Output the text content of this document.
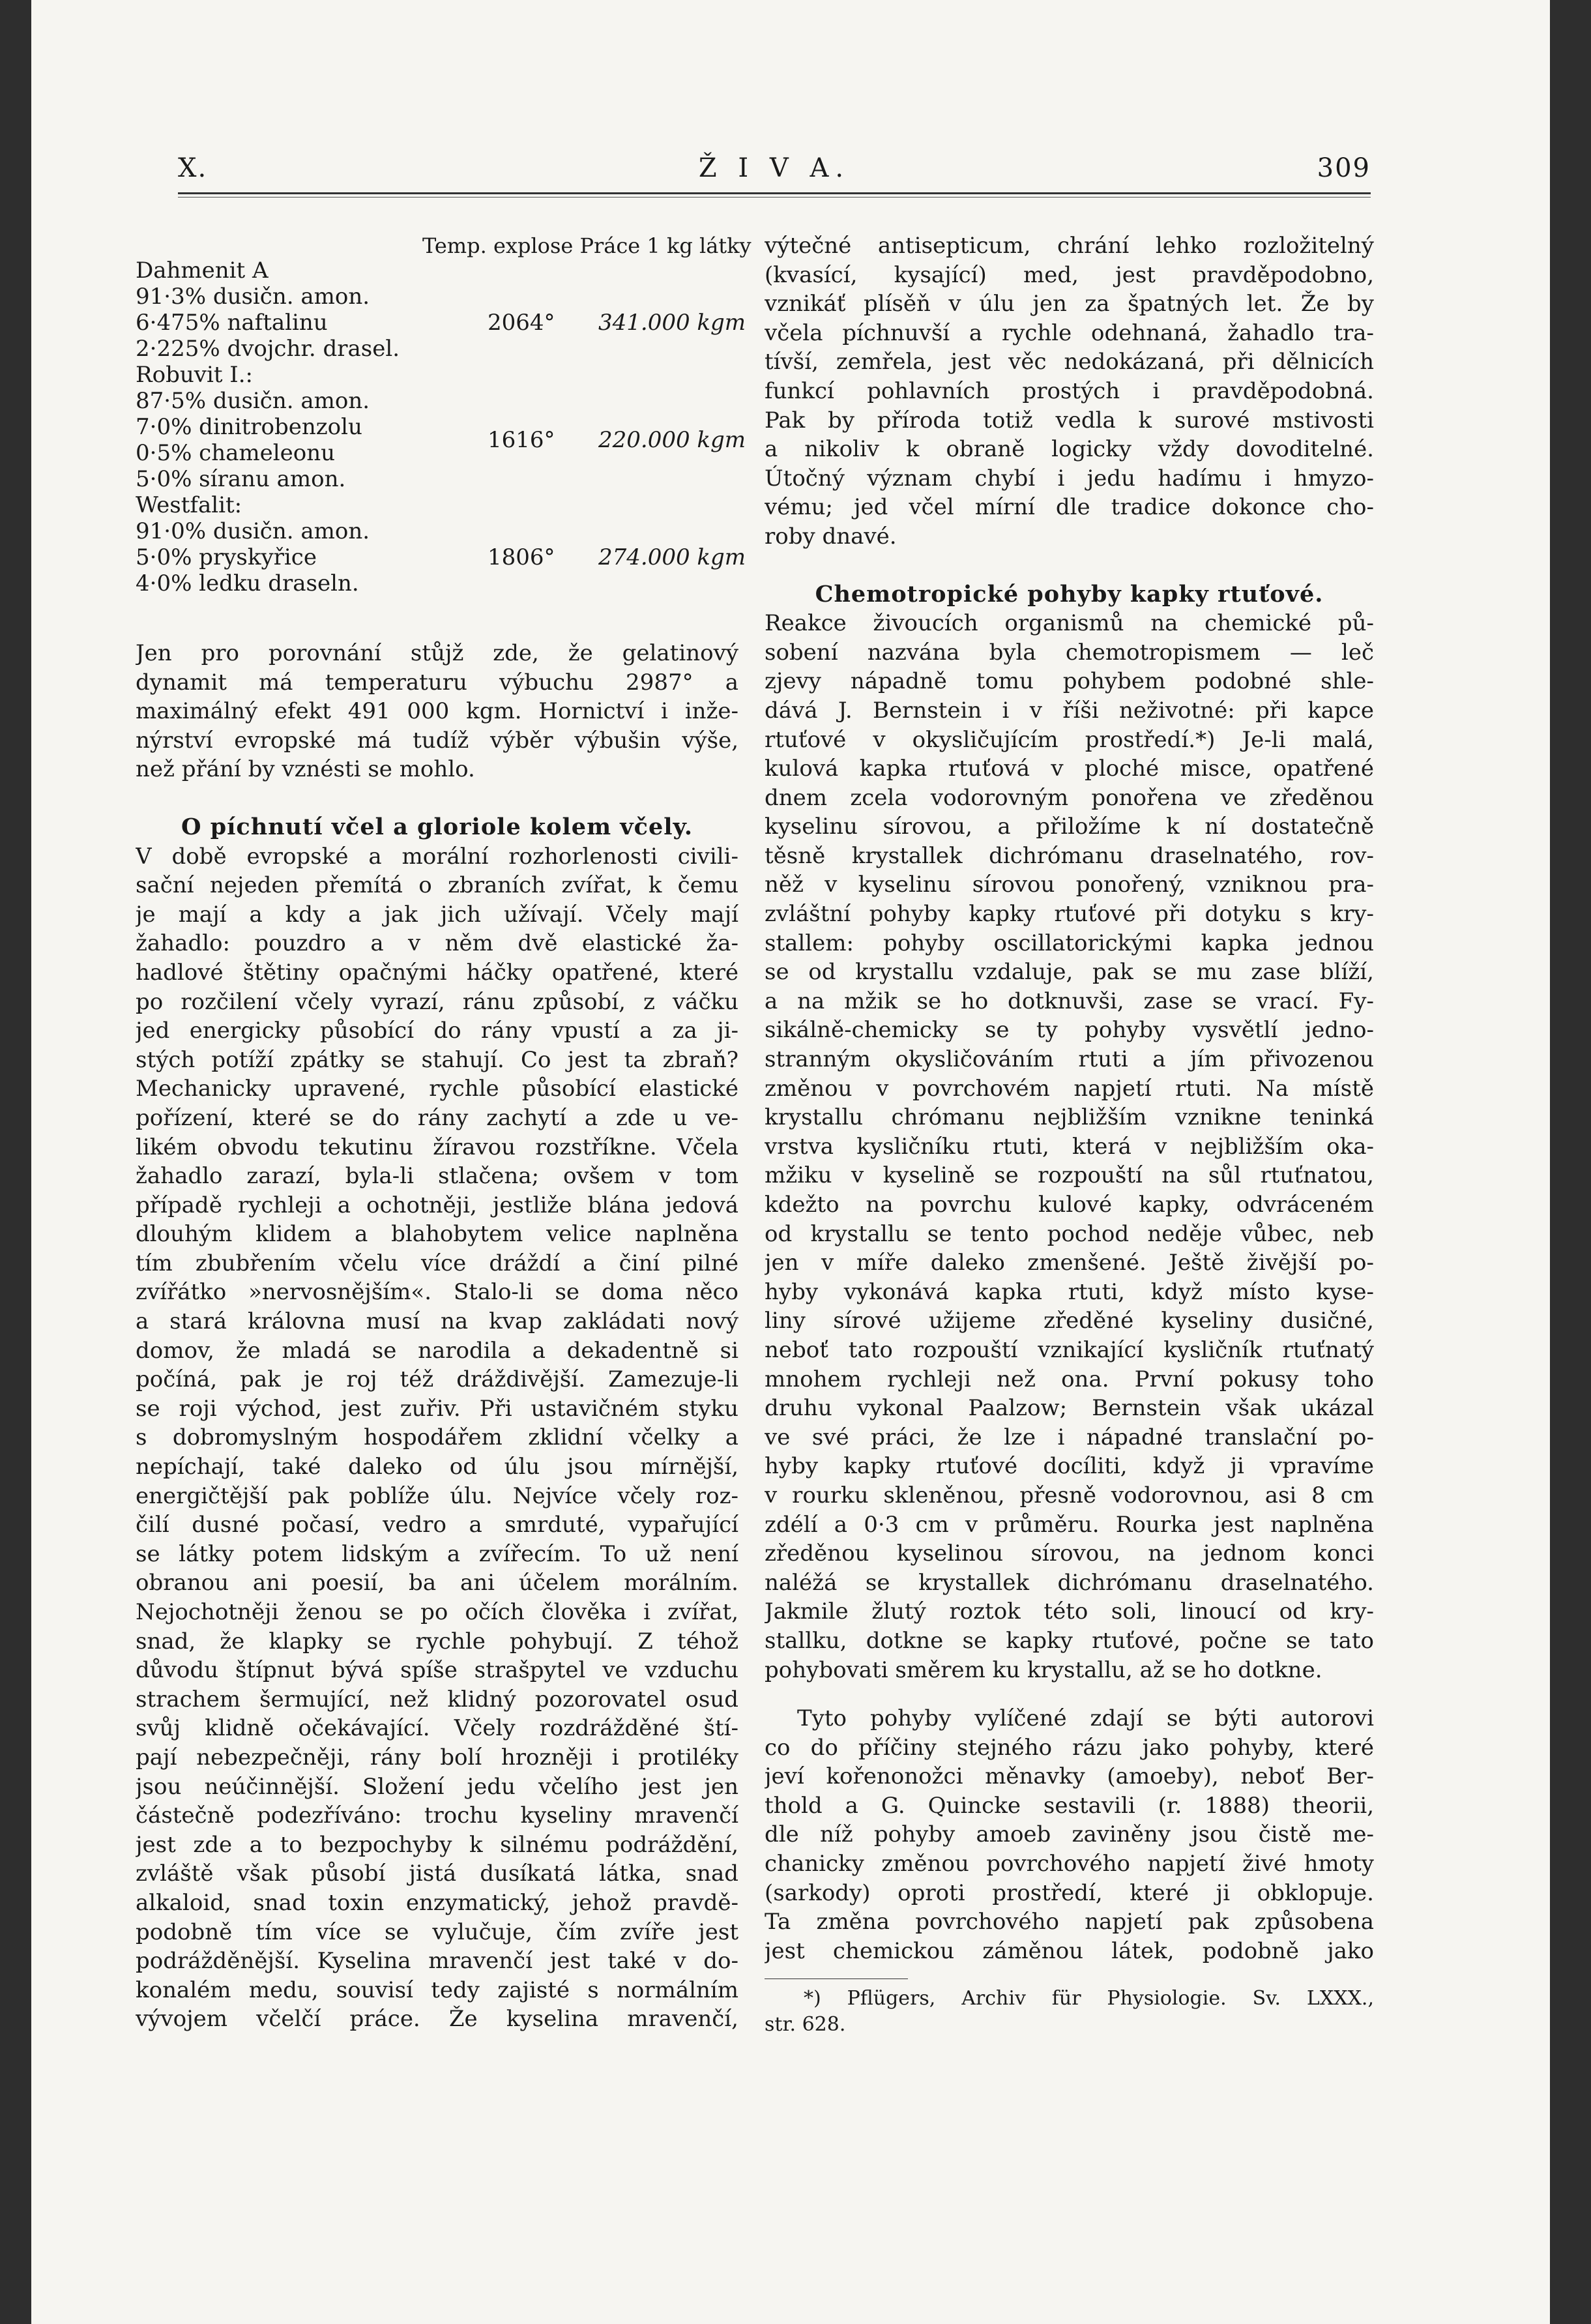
X.	Ž I V A.	309
Temp. explose Práce 1 kg látky
Dahmenit A
91·3% dusičn. amon.
6·475% naftalinu
2·225% dvojchr. drasel.
2064° 341.000 kgm
Robuvit I.:
87·5% dusičn. amon.
7·0% dinitrobenzolu
0·5% chameleonu
5·0% síranu amon.
1616° 220.000 kgm
Westfalit:
91·0% dusičn. amon.
5·0% pryskyřice
4·0% ledku draseln.
1806° 274.000 kgm
Jen pro porovnání stůjž zde, že gelatinový
dynamit má temperaturu výbuchu 2987° a
maximálný efekt 491 000 kgm. Hornictví i inže-
nýrství evropské má tudíž výběr výbušin výše,
než přání by vznésti se mohlo.
O píchnutí včel a gloriole kolem včely.
V době evropské a morální rozhorlenosti civili-
sační nejeden přemítá o zbraních zvířat, k čemu
je mají a kdy a jak jich užívají. Včely mají
žahadlo: pouzdro a v něm dvě elastické ža-
hadlové štětiny opačnými háčky opatřené, které
po rozčilení včely vyrazí, ránu způsobí, z váčku
jed energicky působící do rány vpustí a za ji-
stých potíží zpátky se stahují. Co jest ta zbraň?
Mechanicky upravené, rychle působící elastické
pořízení, které se do rány zachytí a zde u ve-
likém obvodu tekutinu žíravou rozstříkne. Včela
žahadlo zarazí, byla-li stlačena; ovšem v tom
případě rychleji a ochotněji, jestliže blána jedová
dlouhým klidem a blahobytem velice naplněna
tím zbubřením včelu více dráždí a činí pilné
zvířátko »nervosnějším«. Stalo-li se doma něco
a stará královna musí na kvap zakládati nový
domov, že mladá se narodila a dekadentně si
počíná, pak je roj též dráždivější. Zamezuje-li
se roji východ, jest zuřiv. Při ustavičném styku
s dobromyslným hospodářem zklidní včelky a
nepíchají, také daleko od úlu jsou mírnější,
energičtější pak poblíže úlu. Nejvíce včely roz-
čilí dusné počasí, vedro a smrduté, vypařující
se látky potem lidským a zvířecím. To už není
obranou ani poesií, ba ani účelem morálním.
Nejochotněji ženou se po očích člověka i zvířat,
snad, že klapky se rychle pohybují. Z téhož
důvodu štípnut bývá spíše strašpytel ve vzduchu
strachem šermující, než klidný pozorovatel osud
svůj klidně očekávající. Včely rozdrážděné ští-
pají nebezpečněji, rány bolí hrozněji i protiléky
jsou neúčinnější. Složení jedu včelího jest jen
částečně podezříváno: trochu kyseliny mravenčí
jest zde a to bezpochyby k silnému podráždění,
zvláště však působí jistá dusíkatá látka, snad
alkaloid, snad toxin enzymatický, jehož pravdě-
podobně tím více se vylučuje, čím zvíře jest
podrážděnější. Kyselina mravenčí jest také v do-
konalém medu, souvisí tedy zajisté s normálním
vývojem včelčí práce. Že kyselina mravenčí,
výtečné antisepticum, chrání lehko rozložitelný
(kvasící, kysající) med, jest pravděpodobno,
vznikáť plísěň v úlu jen za špatných let. Že by
včela píchnuvší a rychle odehnaná, žahadlo tra-
tívší, zemřela, jest věc nedokázaná, při dělnicích
funkcí pohlavních prostých i pravděpodobná.
Pak by příroda totiž vedla k surové mstivosti
a nikoliv k obraně logicky vždy dovoditelné.
Útočný význam chybí i jedu hadímu i hmyzo-
vému; jed včel mírní dle tradice dokonce cho-
roby dnavé.
Chemotropické pohyby kapky rtuťové.
Reakce živoucích organismů na chemické pů-
sobení nazvána byla chemotropismem — leč
zjevy nápadně tomu pohybem podobné shle-
dává J. Bernstein i v říši neživotné: při kapce
rtuťové v okysličujícím prostředí.*) Je-li malá,
kulová kapka rtuťová v ploché misce, opatřené
dnem zcela vodorovným ponořena ve zředěnou
kyselinu sírovou, a přiložíme k ní dostatečně
těsně krystallek dichrómanu draselnatého, rov-
něž v kyselinu sírovou ponořený, vzniknou pra-
zvláštní pohyby kapky rtuťové při dotyku s kry-
stallem: pohyby oscillatorickými kapka jednou
se od krystallu vzdaluje, pak se mu zase blíží,
a na mžik se ho dotknuvši, zase se vrací. Fy-
sikálně-chemicky se ty pohyby vysvětlí jedno-
stranným okysličováním rtuti a jím přivozenou
změnou v povrchovém napjetí rtuti. Na místě
krystallu chrómanu nejbližším vznikne teninká
vrstva kysličníku rtuti, která v nejbližším oka-
mžiku v kyselině se rozpouští na sůl rtuťnatou,
kdežto na povrchu kulové kapky, odvráceném
od krystallu se tento pochod neděje vůbec, neb
jen v míře daleko zmenšené. Ještě živější po-
hyby vykonává kapka rtuti, když místo kyse-
liny sírové užijeme zředěné kyseliny dusičné,
neboť tato rozpouští vznikající kysličník rtuťnatý
mnohem rychleji než ona. První pokusy toho
druhu vykonal Paalzow; Bernstein však ukázal
ve své práci, že lze i nápadné translační po-
hyby kapky rtuťové docíliti, když ji vpravíme
v rourku skleněnou, přesně vodorovnou, asi 8 cm
zdélí a 0·3 cm v průměru. Rourka jest naplněna
zředěnou kyselinou sírovou, na jednom konci
naléžá se krystallek dichrómanu draselnatého.
Jakmile žlutý roztok této soli, linoucí od kry-
stallku, dotkne se kapky rtuťové, počne se tato
pohybovati směrem ku krystallu, až se ho dotkne.
Tyto pohyby vylíčené zdají se býti autorovi
co do příčiny stejného rázu jako pohyby, které
jeví kořenonožci měnavky (amoeby), neboť Ber-
thold a G. Quincke sestavili (r. 1888) theorii,
dle níž pohyby amoeb zaviněny jsou čistě me-
chanicky změnou povrchového napjetí živé hmoty
(sarkody) oproti prostředí, které ji obklopuje.
Ta změna povrchového napjetí pak způsobena
jest chemickou záměnou látek, podobně jako
*) Pflügers, Archiv für Physiologie. Sv. LXXX.,
str. 628.
